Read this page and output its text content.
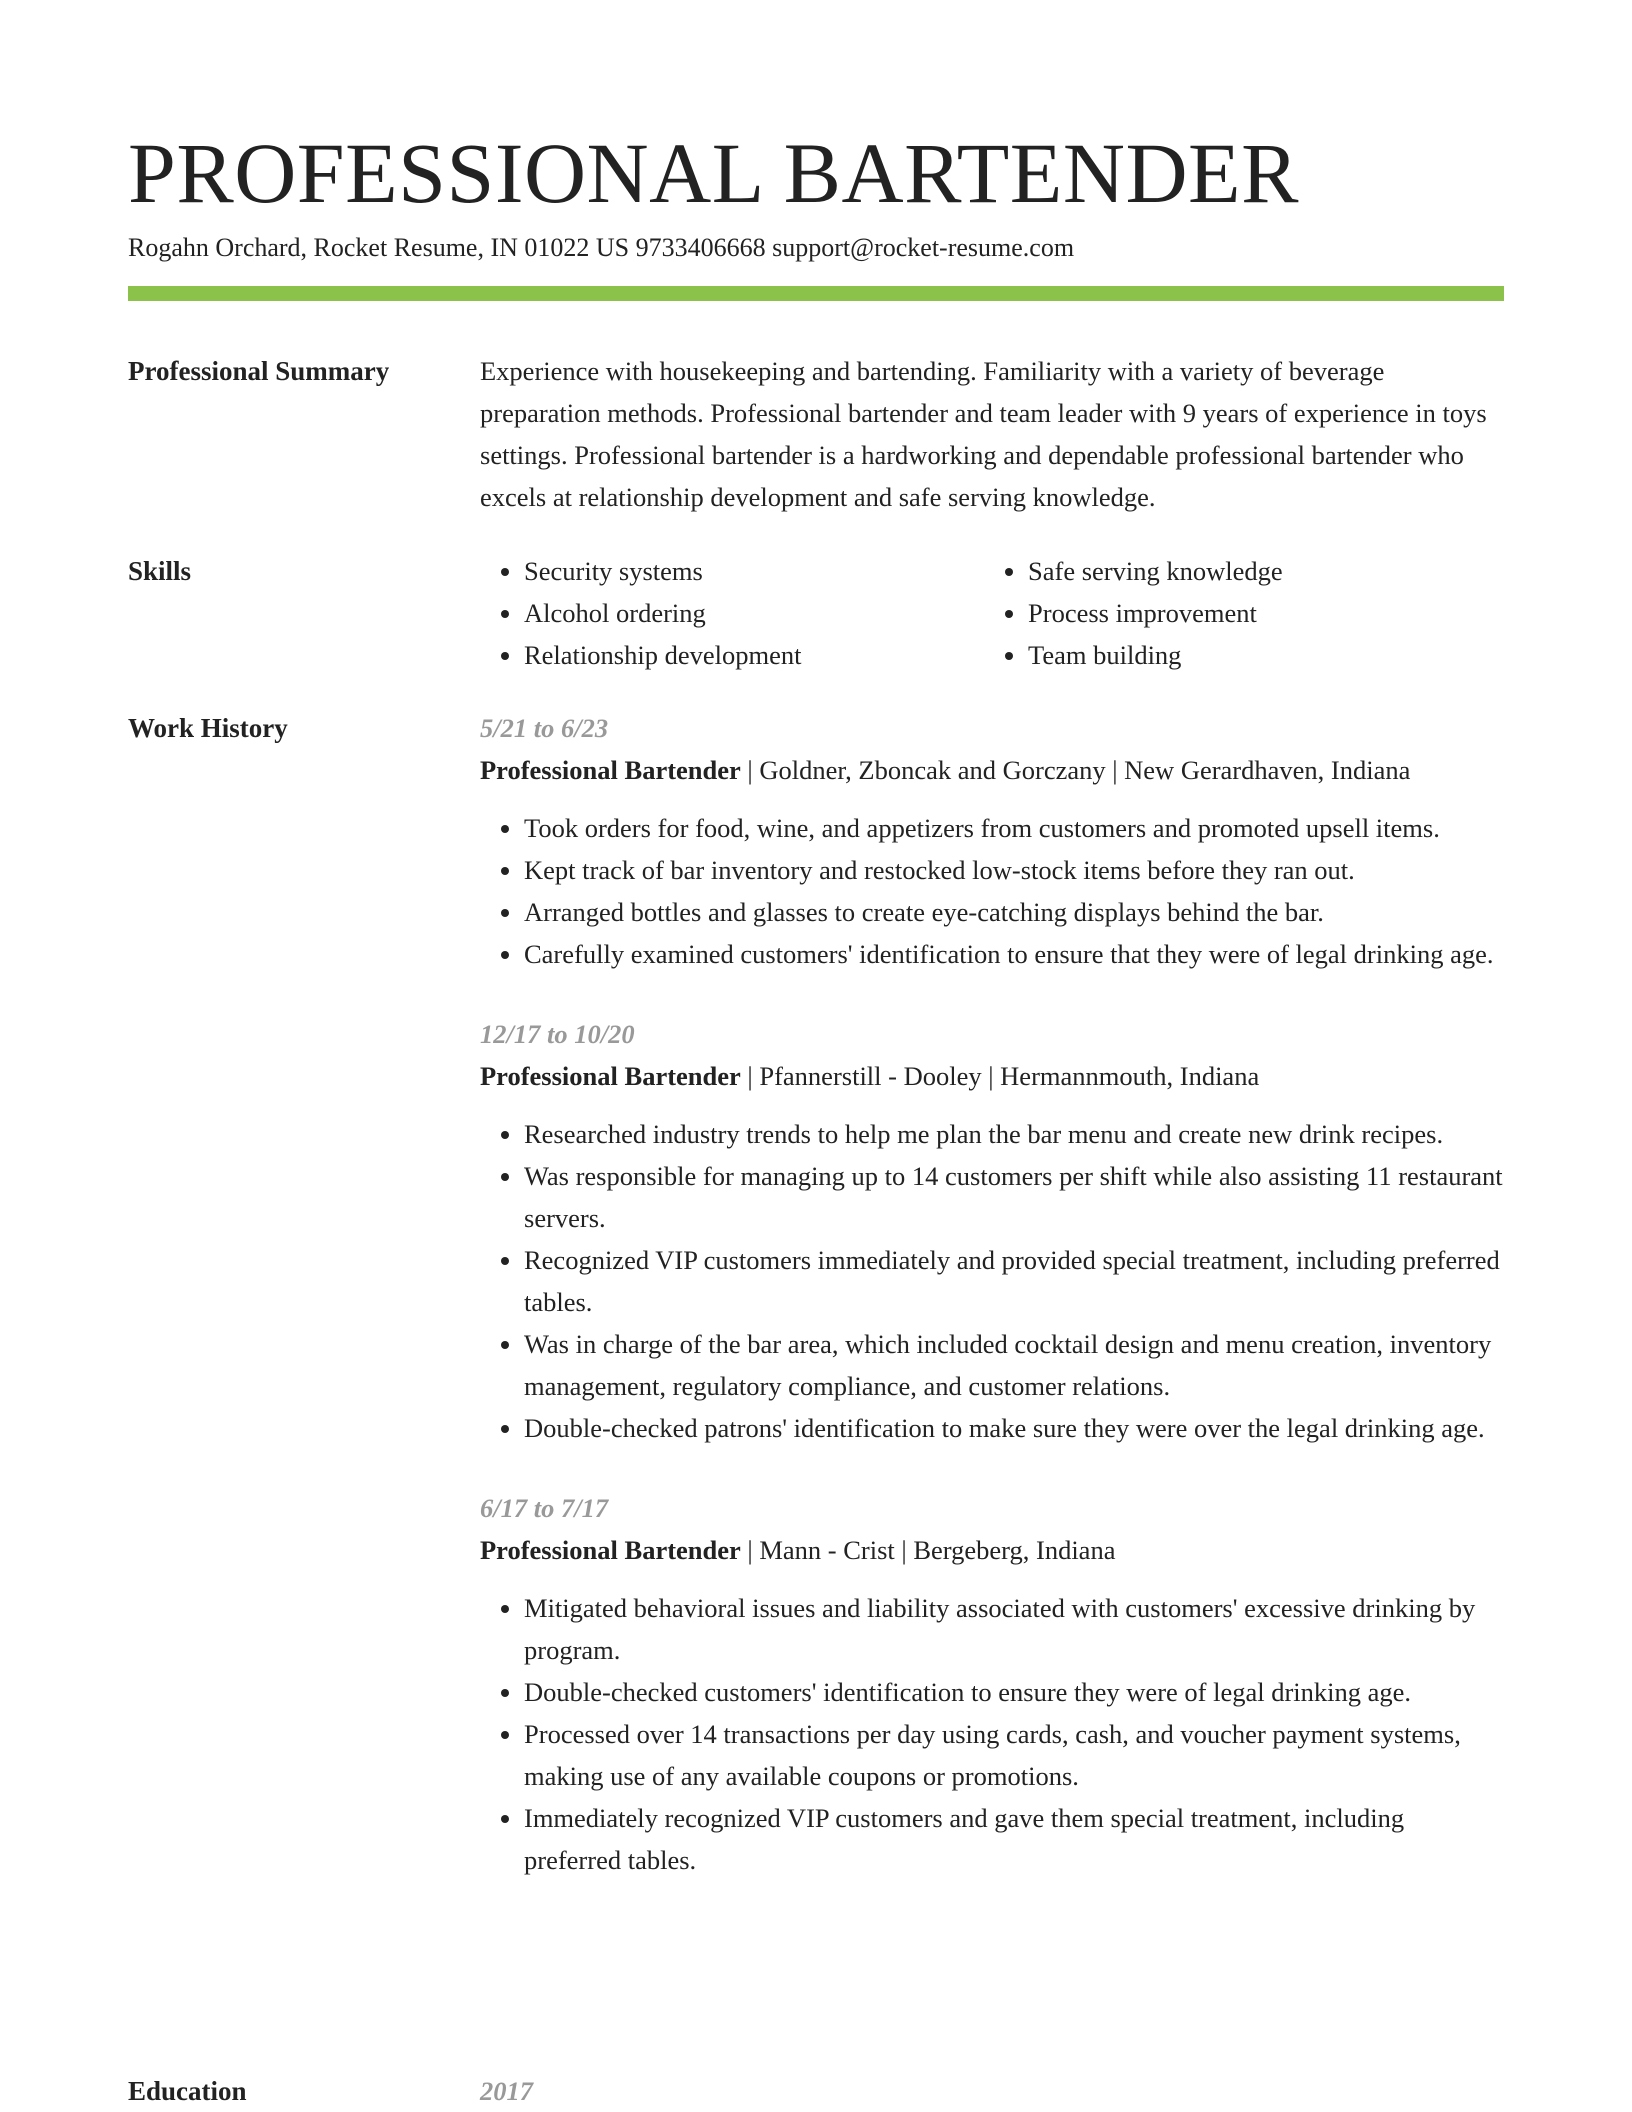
PROFESSIONAL BARTENDER
Rogahn Orchard, Rocket Resume, IN 01022 US 9733406668 support@rocket-resume.com
Professional Summary	Experience with housekeeping and bartending. Familiarity with a variety of beverage preparation methods. Professional bartender and team leader with 9 years of experience in toys settings. Professional bartender is a hardworking and dependable professional bartender who excels at relationship development and safe serving knowledge.

Skills
•	Security systems
• Alcohol ordering
• Relationship development
• Safe serving knowledge
• Process improvement
• Team building
Work History	5/21 to 6/23
Professional Bartender | Goldner, Zboncak and Gorczany | New Gerardhaven, Indiana
• Took orders for food, wine, and appetizers from customers and promoted upsell items.
• Kept track of bar inventory and restocked low-stock items before they ran out.
• Arranged bottles and glasses to create eye-catching displays behind the bar.
• Carefully examined customers' identification to ensure that they were of legal drinking age.
12/17 to 10/20
Professional Bartender | Pfannerstill - Dooley | Hermannmouth, Indiana
• Researched industry trends to help me plan the bar menu and create new drink recipes.
• Was responsible for managing up to 14 customers per shift while also assisting 11 restaurant servers.
• Recognized VIP customers immediately and provided special treatment, including preferred tables.
• Was in charge of the bar area, which included cocktail design and menu creation, inventory management, regulatory compliance, and customer relations.
• Double-checked patrons' identification to make sure they were over the legal drinking age.
6/17 to 7/17
Professional Bartender | Mann - Crist | Bergeberg, Indiana
• Mitigated behavioral issues and liability associated with customers' excessive drinking by program.
• Double-checked customers' identification to ensure they were of legal drinking age.
• Processed over 14 transactions per day using cards, cash, and voucher payment systems, making use of any available coupons or promotions.
• Immediately recognized VIP customers and gave them special treatment, including preferred tables.
Education	2017
